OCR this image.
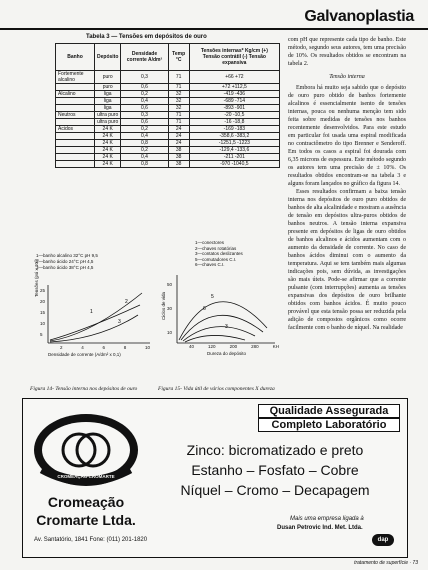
Galvanoplastia
Tabela 3 — Tensões em depósitos de ouro
Banho	Depósito	Densidade corrente A/dm²	Temp °C	Tensões internas* Kg/cm (+) Tensão contrátil (-) Tensão expansiva
Fortemente alcalino	puro	0,3	71	+66 +72
	puro	0,6	71	+72 +112,5
Alcalino	liga	0,2	32	-419 -436
	liga	0,4	32	-689 -714
	liga	0,6	32	-893 -901
Neutros	ultra puro	0,3	71	-20 -10,5
	ultra puro	0,6	71	-16 -18,8
Ácidos	24 K	0,2	24	-169 -183
	24 K	0,4	24	-358,6 -383,2
	24 K	0,8	24	-1251,5 -1223
	24 K	0,2	38	-129,4 -133,6
	24 K	0,4	38	-211 -201
	24 K	0,8	38	-970 -1040,5
1—banho alcalino 32°C pH 9,5
2—banho ácido 24°C pH 4,5
3—banho ácido 38°C pH 4,5
1
2
3
Tensões (psi x 10³) 25
20
15
10
5
2	4	6	8	10
Densidade de corrente (A/dm² x 0,1)
Figura 14- Tensão interna nos depósitos de ouro
1—conectores
2—chaves rotatórias
3—contatos deslizantes
5—comutadores C.I.
6—chaves C.I.
5
6
3
Ciclos de vida
50
30
10
40	120	200	280	KH
Dureza do depósito
Figura 15- Vida útil de vários componentes X dureza

com pH que represente cada tipo de banho. Este método, segundo seus autores, tem uma precisão de 10%. Os resultados obtidos se encontram na tabela 2.

Tensão interna

Embora há muito seja sabido que o depósito de ouro puro obtido de banhos fortemente alcalinos é essencialmente isento de tensões internas, pouca ou nenhuma menção tem sido feita sobre medidas de tensões nos banhos recentemente desenvolvidos. Para este estudo em particular foi usada uma espiral modificada no contractômetro do tipo Brenner e Senderoff. Em todos os casos a espiral foi dourada com 6,35 microns de espessura. Este método segundo os autores tem uma precisão de ± 10%. Os resultados obtidos encontram-se na tabela 3 e alguns foram lançados no gráfico da figura 14.

Esses resultados confirmam a baixa tensão interna nos depósitos de ouro puro obtidos de banhos de alta alcalinidade e mostram a ausência de tensão em depósitos ultra-puros obtidos de banhos neutros. A tensão interna expansiva presente em depósitos de ligas de ouro obtidos de banhos alcalinos e ácidos aumentam com o aumento da densidade de corrente. No caso de banhos ácidos diminui com o aumento da temperatura. Aqui se tem também mais algumas indicações pois, sem dúvida, as investigações são mais úteis. Pode-se afirmar que a corrente pulsante (com interrupções) aumenta as tensões expansivas dos depósitos de ouro brilhante obtidos com banhos ácidos. É muito pouco provável que esta tensão possa ser reduzida pela adição de compostos orgânicos como ocorre facilmente com o banho de níquel. Na realidade

Qualidade Assegurada
Completo Laboratório
CROMEAÇÃO CROMARTE
Zinco: bicromatizado e preto
Estanho – Fosfato – Cobre
Níquel – Cromo – Decapagem
Cromeação
Cromarte Ltda.
Av. Santatório, 1841 Fone: (011) 201-1820
Mais uma empresa ligada à
Dusan Petrovic Ind. Met. Ltda.
dap
tratamento de superfície · 73
